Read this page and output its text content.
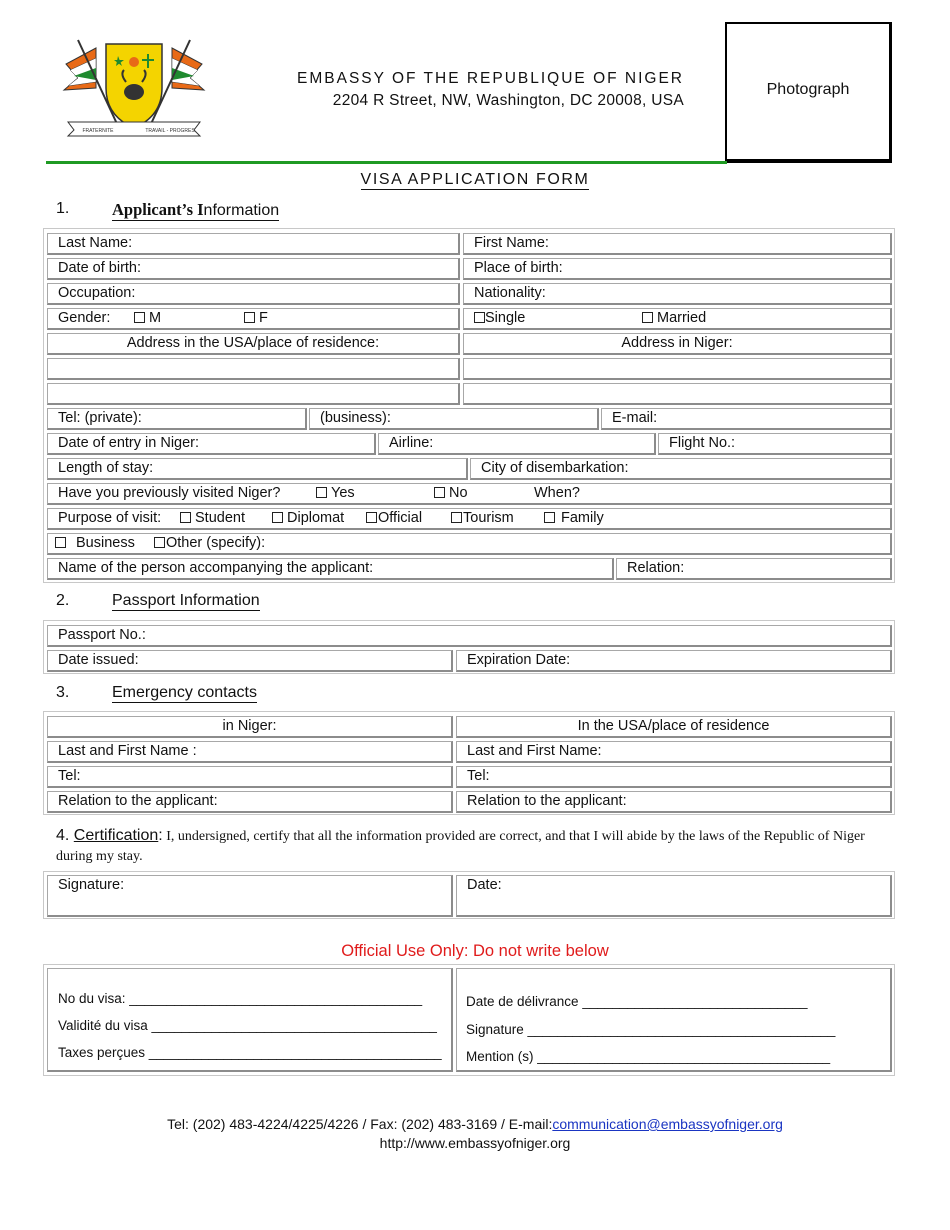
FRATERNITE	TRAVAIL - PROGRES
EMBASSY OF THE REPUBLIQUE OF NIGER
2204 R Street, NW, Washington, DC 20008, USA
Photograph
VISA APPLICATION FORM
1.	Applicant’s Information
Last Name:	First Name:
Date of birth:	Place of birth:
Occupation:	Nationality:
Gender:	M	F	Single	Married
Address in the USA/place of residence:	Address in Niger:
Tel: (private):	(business):	E-mail:
Date of entry in Niger:	Airline:	Flight No.:
Length of stay:	City of disembarkation:
Have you previously visited Niger?	Yes	No	When?
Purpose of visit:	Student	Diplomat	Official	Tourism	Family
Business	Other (specify):
Name of the person accompanying the applicant:	Relation:
2.	Passport Information
Passport No.:
Date issued:	Expiration Date:
3.	Emergency contacts
in Niger:	In the USA/place of residence
Last and First Name :	Last and First Name:
Tel:	Tel:
Relation to the applicant:	Relation to the applicant:
4. Certification: I, undersigned, certify that all the information provided are correct, and that I will abide by the laws of the Republic of Niger during my stay.
Signature:	Date:
Official Use Only: Do not write below
No du visa: _______________________________________
Validité du visa ______________________________________
Taxes perçues _______________________________________
Date de délivrance ______________________________
Signature _________________________________________
Mention (s) _______________________________________
Tel: (202) 483-4224/4225/4226 / Fax: (202) 483-3169 / E-mail:communication@embassyofniger.org
http://www.embassyofniger.org
